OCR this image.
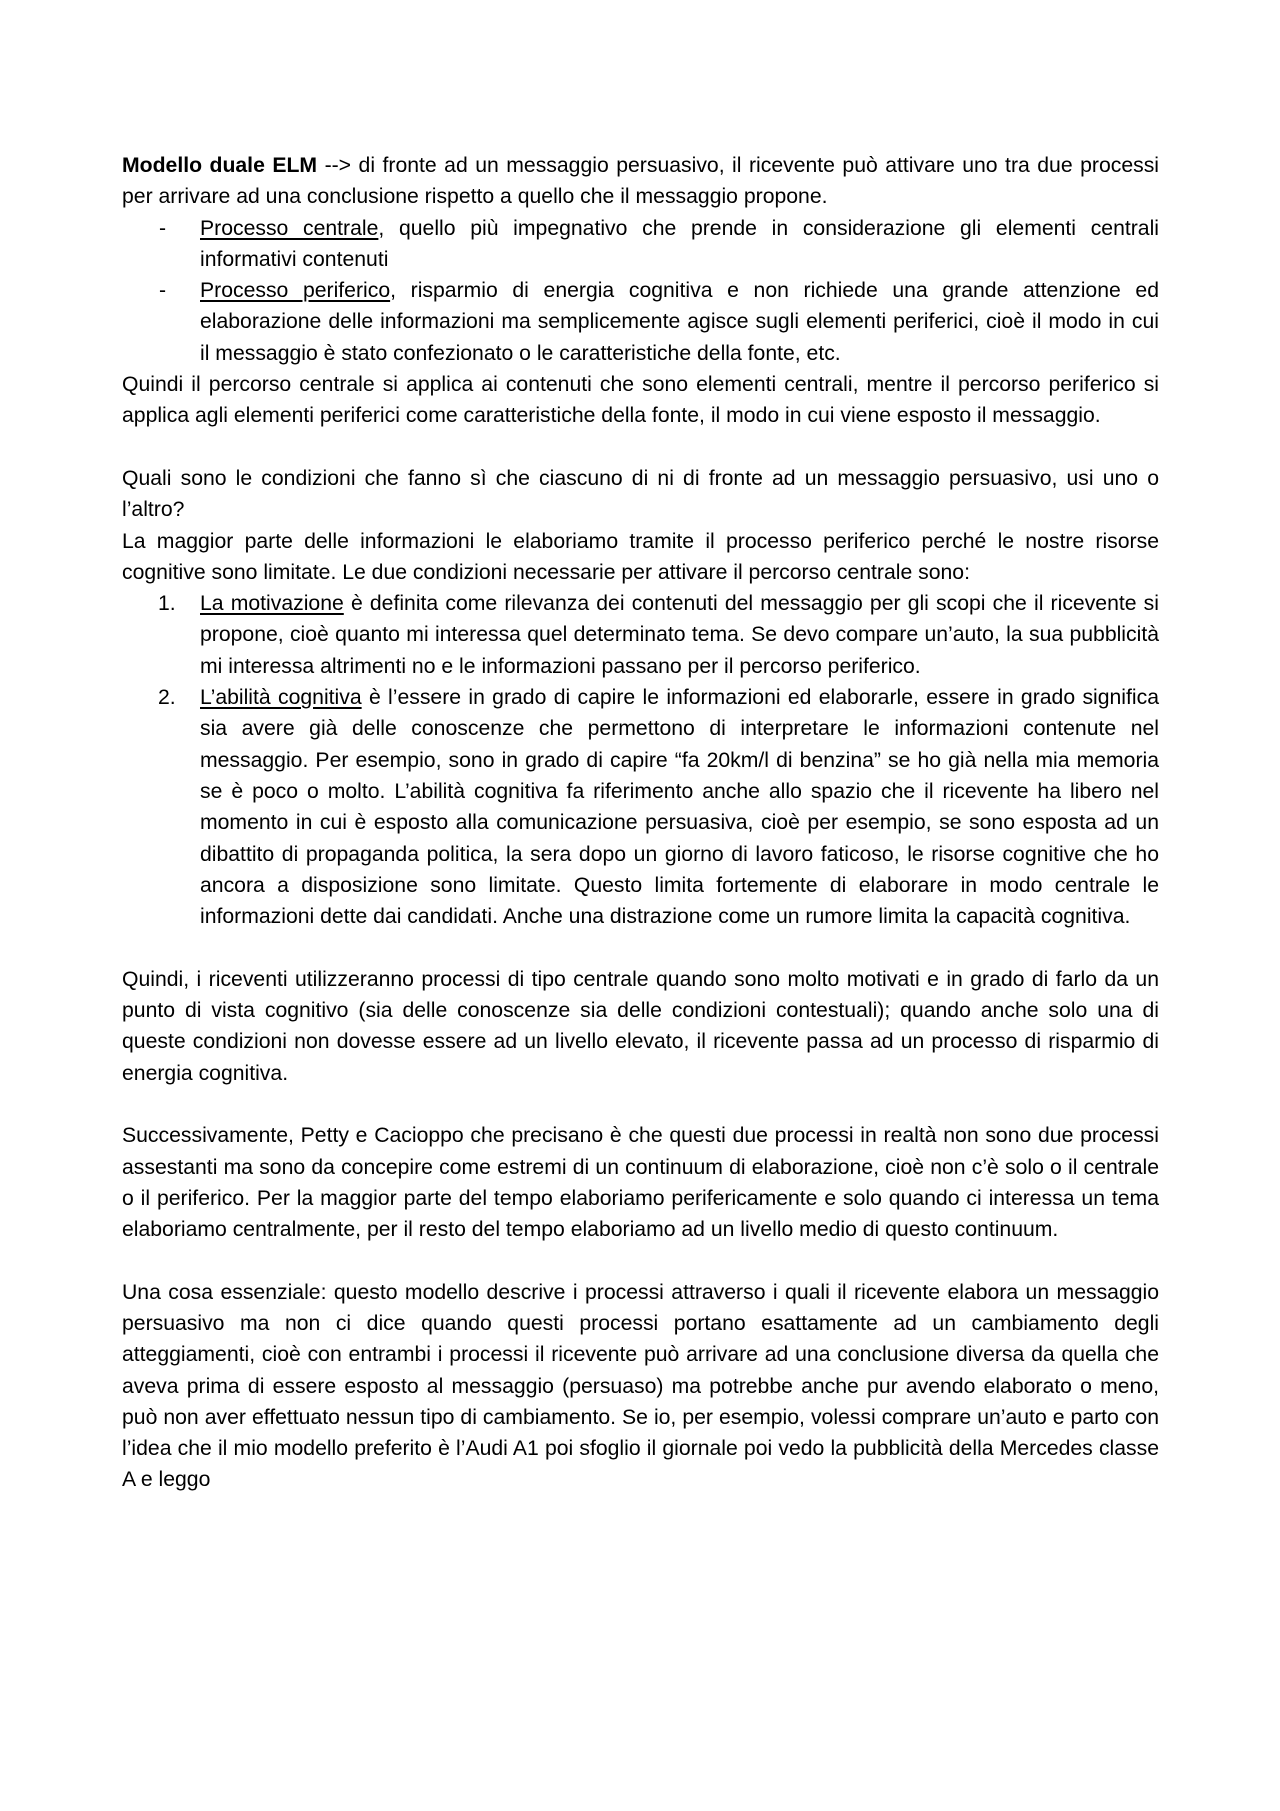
Modello duale ELM --> di fronte ad un messaggio persuasivo, il ricevente può attivare uno tra due processi per arrivare ad una conclusione rispetto a quello che il messaggio propone.

- Processo centrale, quello più impegnativo che prende in considerazione gli elementi centrali informativi contenuti
- Processo periferico, risparmio di energia cognitiva e non richiede una grande attenzione ed elaborazione delle informazioni ma semplicemente agisce sugli elementi periferici, cioè il modo in cui il messaggio è stato confezionato o le caratteristiche della fonte, etc.

Quindi il percorso centrale si applica ai contenuti che sono elementi centrali, mentre il percorso periferico si applica agli elementi periferici come caratteristiche della fonte, il modo in cui viene esposto il messaggio.

Quali sono le condizioni che fanno sì che ciascuno di ni di fronte ad un messaggio persuasivo, usi uno o l’altro?

La maggior parte delle informazioni le elaboriamo tramite il processo periferico perché le nostre risorse cognitive sono limitate. Le due condizioni necessarie per attivare il percorso centrale sono:

1. La motivazione è definita come rilevanza dei contenuti del messaggio per gli scopi che il ricevente si propone, cioè quanto mi interessa quel determinato tema. Se devo compare un’auto, la sua pubblicità mi interessa altrimenti no e le informazioni passano per il percorso periferico.
2. L’abilità cognitiva è l’essere in grado di capire le informazioni ed elaborarle, essere in grado significa sia avere già delle conoscenze che permettono di interpretare le informazioni contenute nel messaggio. Per esempio, sono in grado di capire “fa 20km/l di benzina” se ho già nella mia memoria se è poco o molto. L’abilità cognitiva fa riferimento anche allo spazio che il ricevente ha libero nel momento in cui è esposto alla comunicazione persuasiva, cioè per esempio, se sono esposta ad un dibattito di propaganda politica, la sera dopo un giorno di lavoro faticoso, le risorse cognitive che ho ancora a disposizione sono limitate. Questo limita fortemente di elaborare in modo centrale le informazioni dette dai candidati. Anche una distrazione come un rumore limita la capacità cognitiva.

Quindi, i riceventi utilizzeranno processi di tipo centrale quando sono molto motivati e in grado di farlo da un punto di vista cognitivo (sia delle conoscenze sia delle condizioni contestuali); quando anche solo una di queste condizioni non dovesse essere ad un livello elevato, il ricevente passa ad un processo di risparmio di energia cognitiva.

Successivamente, Petty e Cacioppo che precisano è che questi due processi in realtà non sono due processi assestanti ma sono da concepire come estremi di un continuum di elaborazione, cioè non c’è solo o il centrale o il periferico. Per la maggior parte del tempo elaboriamo perifericamente e solo quando ci interessa un tema elaboriamo centralmente, per il resto del tempo elaboriamo ad un livello medio di questo continuum.

Una cosa essenziale: questo modello descrive i processi attraverso i quali il ricevente elabora un messaggio persuasivo ma non ci dice quando questi processi portano esattamente ad un cambiamento degli atteggiamenti, cioè con entrambi i processi il ricevente può arrivare ad una conclusione diversa da quella che aveva prima di essere esposto al messaggio (persuaso) ma potrebbe anche pur avendo elaborato o meno, può non aver effettuato nessun tipo di cambiamento. Se io, per esempio, volessi comprare un’auto e parto con l’idea che il mio modello preferito è l’Audi A1 poi sfoglio il giornale poi vedo la pubblicità della Mercedes classe A e leggo
